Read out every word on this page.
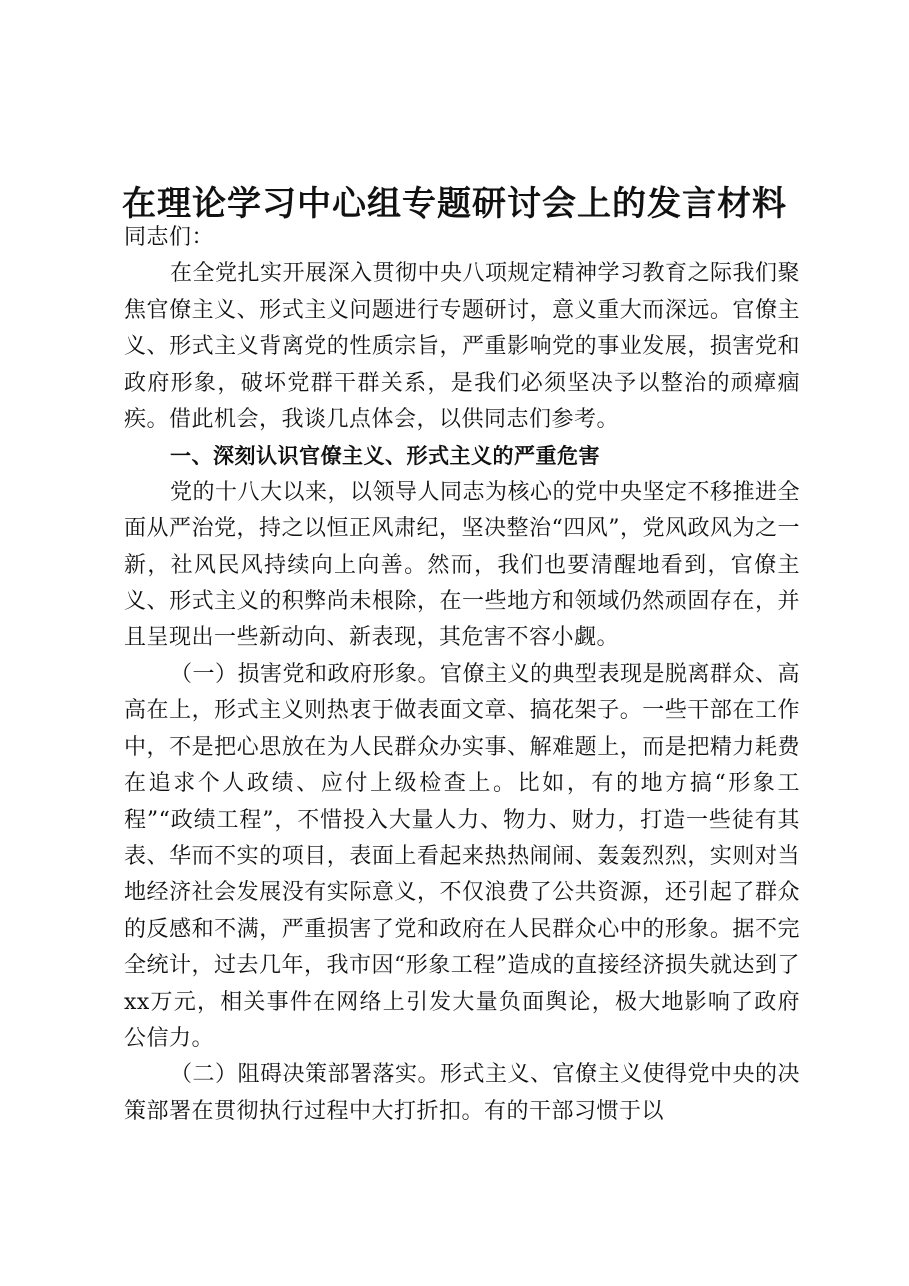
在理论学习中心组专题研讨会上的发言材料

同志们：

在全党扎实开展深入贯彻中央八项规定精神学习教育之际我们聚焦官僚主义、形式主义问题进行专题研讨，意义重大而深远。官僚主义、形式主义背离党的性质宗旨，严重影响党的事业发展，损害党和政府形象，破坏党群干群关系，是我们必须坚决予以整治的顽瘴痼疾。借此机会，我谈几点体会，以供同志们参考。

一、深刻认识官僚主义、形式主义的严重危害

党的十八大以来，以领导人同志为核心的党中央坚定不移推进全面从严治党，持之以恒正风肃纪，坚决整治“四风”，党风政风为之一新，社风民风持续向上向善。然而，我们也要清醒地看到，官僚主义、形式主义的积弊尚未根除，在一些地方和领域仍然顽固存在，并且呈现出一些新动向、新表现，其危害不容小觑。

（一）损害党和政府形象。官僚主义的典型表现是脱离群众、高高在上，形式主义则热衷于做表面文章、搞花架子。一些干部在工作中，不是把心思放在为人民群众办实事、解难题上，而是把精力耗费在追求个人政绩、应付上级检查上。比如，有的地方搞“形象工程”“政绩工程”，不惜投入大量人力、物力、财力，打造一些徒有其表、华而不实的项目，表面上看起来热热闹闹、轰轰烈烈，实则对当地经济社会发展没有实际意义，不仅浪费了公共资源，还引起了群众的反感和不满，严重损害了党和政府在人民群众心中的形象。据不完全统计，过去几年，我市因“形象工程”造成的直接经济损失就达到了xx万元，相关事件在网络上引发大量负面舆论，极大地影响了政府公信力。

（二）阻碍决策部署落实。形式主义、官僚主义使得党中央的决策部署在贯彻执行过程中大打折扣。有的干部习惯于以
